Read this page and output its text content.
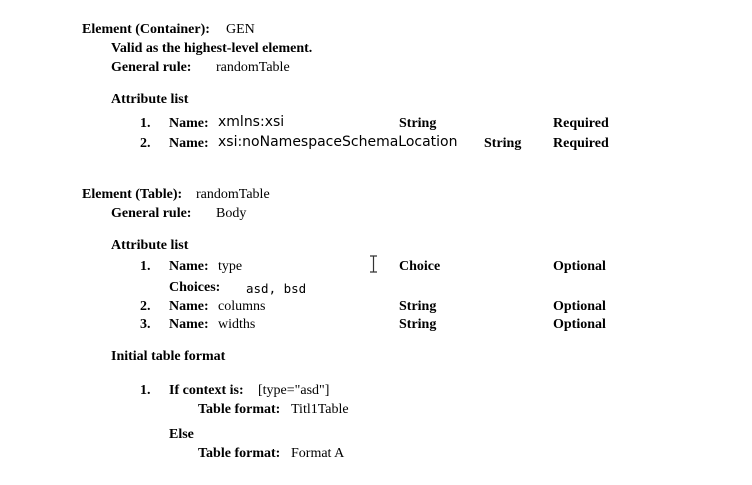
Element (Container): GEN
Valid as the highest-level element.
General rule: randomTable
Attribute list
1. Name: xmlns:xsi	String	Required
2. Name: xsi:noNamespaceSchemaLocation String Required
Element (Table): randomTable
General rule: Body
Attribute list
1. Name: type	Choice	Optional
Choices: asd, bsd
2. Name: columns	String	Optional
3. Name: widths	String	Optional
Initial table format
1. If context is: [type="asd"]
Table format: Titl1Table
Else
Table format: Format A
